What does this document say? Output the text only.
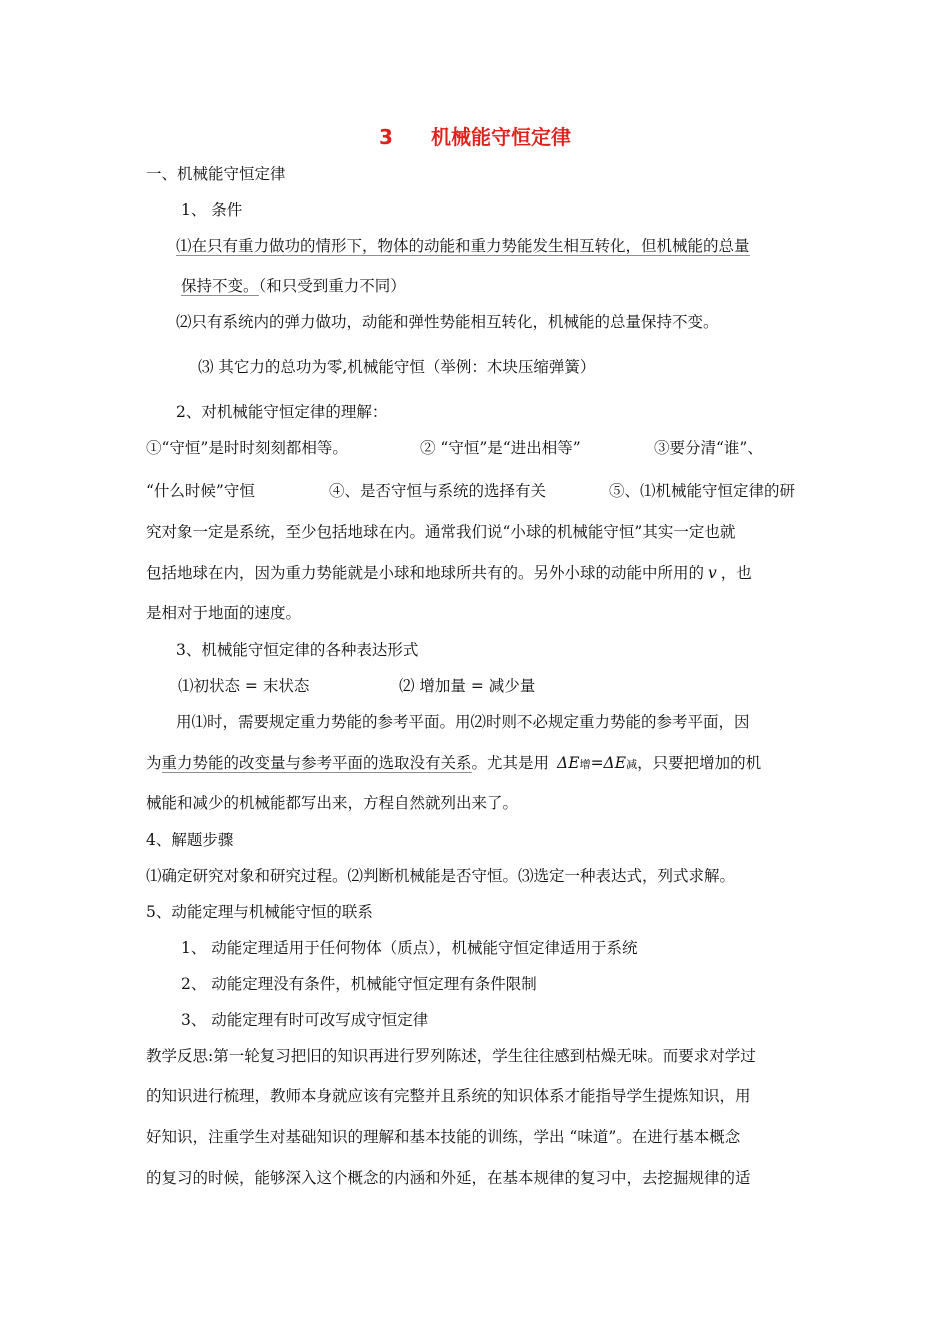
3 机械能守恒定律
一、机械能守恒定律
1、 条件
⑴在只有重力做功的情形下，物体的动能和重力势能发生相互转化，但机械能的总量
保持不变。（和只受到重力不同）
⑵只有系统内的弹力做功，动能和弹性势能相互转化，机械能的总量保持不变。
⑶ 其它力的总功为零,机械能守恒（举例：木块压缩弹簧）
2、对机械能守恒定律的理解：
①“守恒”是时时刻刻都相等。	② “守恒”是“进出相等”	③要分清“谁”、
“什么时候”守恒	④、是否守恒与系统的选择有关	⑤、⑴机械能守恒定律的研
究对象一定是系统，至少包括地球在内。通常我们说“小球的机械能守恒”其实一定也就
包括地球在内，因为重力势能就是小球和地球所共有的。另外小球的动能中所用的 v ，也
是相对于地面的速度。
3、机械能守恒定律的各种表达形式
⑴初状态 = 末状态	⑵ 增加量 = 减少量
用⑴时，需要规定重力势能的参考平面。用⑵时则不必规定重力势能的参考平面，因
为重力势能的改变量与参考平面的选取没有关系。尤其是用 ΔE增=ΔE减，只要把增加的机
械能和减少的机械能都写出来，方程自然就列出来了。
4、解题步骤
⑴确定研究对象和研究过程。⑵判断机械能是否守恒。⑶选定一种表达式，列式求解。
5、动能定理与机械能守恒的联系
1、 动能定理适用于任何物体（质点），机械能守恒定律适用于系统
2、 动能定理没有条件，机械能守恒定理有条件限制
3、 动能定理有时可改写成守恒定律
教学反思:第一轮复习把旧的知识再进行罗列陈述，学生往往感到枯燥无味。而要求对学过
的知识进行梳理，教师本身就应该有完整并且系统的知识体系才能指导学生提炼知识，用
好知识，注重学生对基础知识的理解和基本技能的训练，学出 “味道”。在进行基本概念
的复习的时候，能够深入这个概念的内涵和外延，在基本规律的复习中，去挖掘规律的适
